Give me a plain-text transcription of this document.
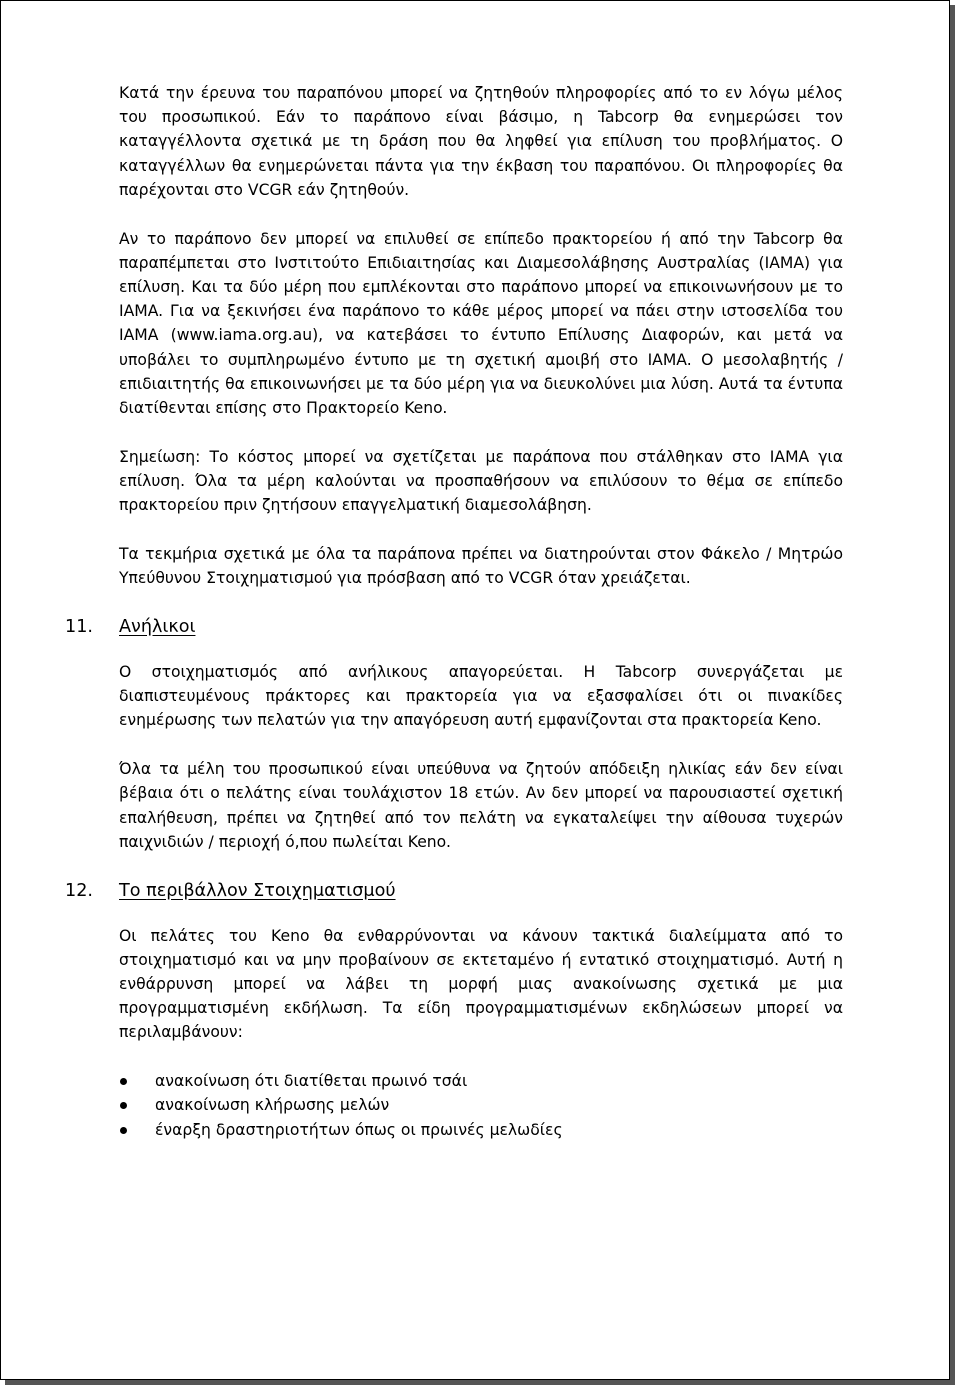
Κατά την έρευνα του παραπόνου μπορεί να ζητηθούν πληροφορίες από το εν λόγω μέλος του προσωπικού. Εάν το παράπονο είναι βάσιμο, η Tabcorp θα ενημερώσει τον καταγγέλλοντα σχετικά με τη δράση που θα ληφθεί για επίλυση του προβλήματος. Ο καταγγέλλων θα ενημερώνεται πάντα για την έκβαση του παραπόνου. Οι πληροφορίες θα παρέχονται στο VCGR εάν ζητηθούν.

Αν το παράπονο δεν μπορεί να επιλυθεί σε επίπεδο πρακτορείου ή από την Tabcorp θα παραπέμπεται στο Ινστιτούτο Επιδιαιτησίας και Διαμεσολάβησης Αυστραλίας (IAMA) για επίλυση. Και τα δύο μέρη που εμπλέκονται στο παράπονο μπορεί να επικοινωνήσουν με το IAMA. Για να ξεκινήσει ένα παράπονο το κάθε μέρος μπορεί να πάει στην ιστοσελίδα του IAMA (www.iama.org.au), να κατεβάσει το έντυπο Επίλυσης Διαφορών, και μετά να υποβάλει το συμπληρωμένο έντυπο με τη σχετική αμοιβή στο IAMA. Ο μεσολαβητής / επιδιαιτητής θα επικοινωνήσει με τα δύο μέρη για να διευκολύνει μια λύση. Αυτά τα έντυπα διατίθενται επίσης στο Πρακτορείο Keno.

Σημείωση: Το κόστος μπορεί να σχετίζεται με παράπονα που στάλθηκαν στο IAMA για επίλυση. Όλα τα μέρη καλούνται να προσπαθήσουν να επιλύσουν το θέμα σε επίπεδο πρακτορείου πριν ζητήσουν επαγγελματική διαμεσολάβηση.

Τα τεκμήρια σχετικά με όλα τα παράπονα πρέπει να διατηρούνται στον Φάκελο / Μητρώο Υπεύθυνου Στοιχηματισμού για πρόσβαση από το VCGR όταν χρειάζεται.

11. Ανήλικοι

Ο στοιχηματισμός από ανήλικους απαγορεύεται. Η Tabcorp συνεργάζεται με διαπιστευμένους πράκτορες και πρακτορεία για να εξασφαλίσει ότι οι πινακίδες ενημέρωσης των πελατών για την απαγόρευση αυτή εμφανίζονται στα πρακτορεία Keno.

Όλα τα μέλη του προσωπικού είναι υπεύθυνα να ζητούν απόδειξη ηλικίας εάν δεν είναι βέβαια ότι ο πελάτης είναι τουλάχιστον 18 ετών. Αν δεν μπορεί να παρουσιαστεί σχετική επαλήθευση, πρέπει να ζητηθεί από τον πελάτη να εγκαταλείψει την αίθουσα τυχερών παιχνιδιών / περιοχή ό,που πωλείται Keno.

12. Το περιβάλλον Στοιχηματισμού

Οι πελάτες του Keno θα ενθαρρύνονται να κάνουν τακτικά διαλείμματα από το στοιχηματισμό και να μην προβαίνουν σε εκτεταμένο ή εντατικό στοιχηματισμό. Αυτή η ενθάρρυνση μπορεί να λάβει τη μορφή μιας ανακοίνωσης σχετικά με μια προγραμματισμένη εκδήλωση. Τα είδη προγραμματισμένων εκδηλώσεων μπορεί να περιλαμβάνουν:

ανακοίνωση ότι διατίθεται πρωινό τσάι
ανακοίνωση κλήρωσης μελών
έναρξη δραστηριοτήτων όπως οι πρωινές μελωδίες
